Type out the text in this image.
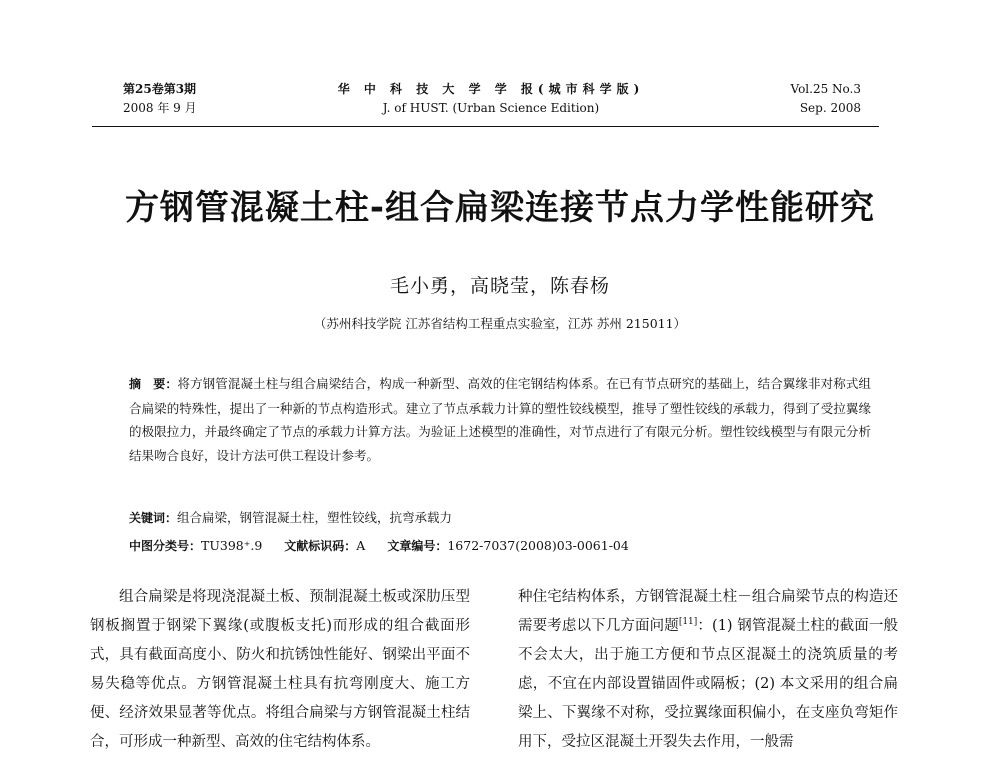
第25卷第3期
2008 年 9 月
华 中 科 技 大 学 学 报(城市科学版)
J. of HUST. (Urban Science Edition)
Vol.25 No.3
Sep. 2008
方钢管混凝土柱-组合扁梁连接节点力学性能研究
毛小勇，高晓莹，陈春杨
（苏州科技学院 江苏省结构工程重点实验室，江苏 苏州 215011）
摘　要：将方钢管混凝土柱与组合扁梁结合，构成一种新型、高效的住宅钢结构体系。在已有节点研究的基础上，结合翼缘非对称式组合扁梁的特殊性，提出了一种新的节点构造形式。建立了节点承载力计算的塑性铰线模型，推导了塑性铰线的承载力，得到了受拉翼缘的极限拉力，并最终确定了节点的承载力计算方法。为验证上述模型的准确性，对节点进行了有限元分析。塑性铰线模型与有限元分析结果吻合良好，设计方法可供工程设计参考。
关键词：组合扁梁，钢管混凝土柱，塑性铰线，抗弯承载力
中图分类号：TU398⁺.9 文献标识码：A 文章编号：1672-7037(2008)03-0061-04
组合扁梁是将现浇混凝土板、预制混凝土板或深肋压型钢板搁置于钢梁下翼缘(或腹板支托)而形成的组合截面形式，具有截面高度小、防火和抗锈蚀性能好、钢梁出平面不易失稳等优点。方钢管混凝土柱具有抗弯刚度大、施工方便、经济效果显著等优点。将组合扁梁与方钢管混凝土柱结合，可形成一种新型、高效的住宅结构体系。
种住宅结构体系，方钢管混凝土柱－组合扁梁节点的构造还需要考虑以下几方面问题[11]：(1) 钢管混凝土柱的截面一般不会太大，出于施工方便和节点区混凝土的浇筑质量的考虑，不宜在内部设置锚固件或隔板；(2) 本文采用的组合扁梁上、下翼缘不对称，受拉翼缘面积偏小，在支座负弯矩作用下，受拉区混凝土开裂失去作用，一般需
